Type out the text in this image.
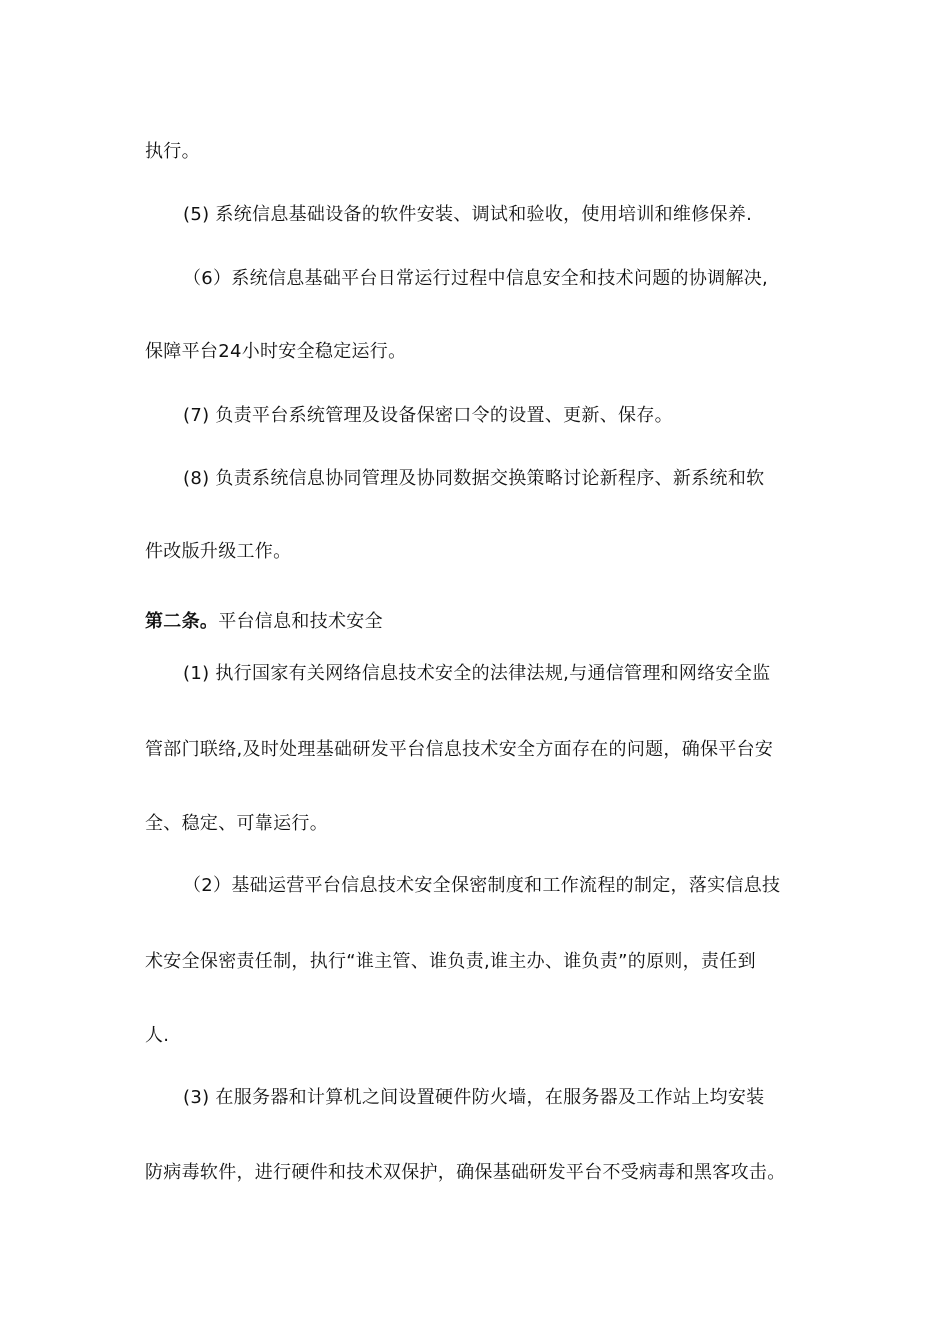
执行。
(5) 系统信息基础设备的软件安装、调试和验收，使用培训和维修保养.
（6）系统信息基础平台日常运行过程中信息安全和技术问题的协调解决,
保障平台24小时安全稳定运行。
(7) 负责平台系统管理及设备保密口令的设置、更新、保存。
(8) 负责系统信息协同管理及协同数据交换策略讨论新程序、新系统和软
件改版升级工作。
第二条。平台信息和技术安全
(1) 执行国家有关网络信息技术安全的法律法规,与通信管理和网络安全监
管部门联络,及时处理基础研发平台信息技术安全方面存在的问题，确保平台安
全、稳定、可靠运行。
（2）基础运营平台信息技术安全保密制度和工作流程的制定，落实信息技
术安全保密责任制，执行“谁主管、谁负责,谁主办、谁负责”的原则，责任到
人.
(3) 在服务器和计算机之间设置硬件防火墙，在服务器及工作站上均安装
防病毒软件，进行硬件和技术双保护，确保基础研发平台不受病毒和黑客攻击。
